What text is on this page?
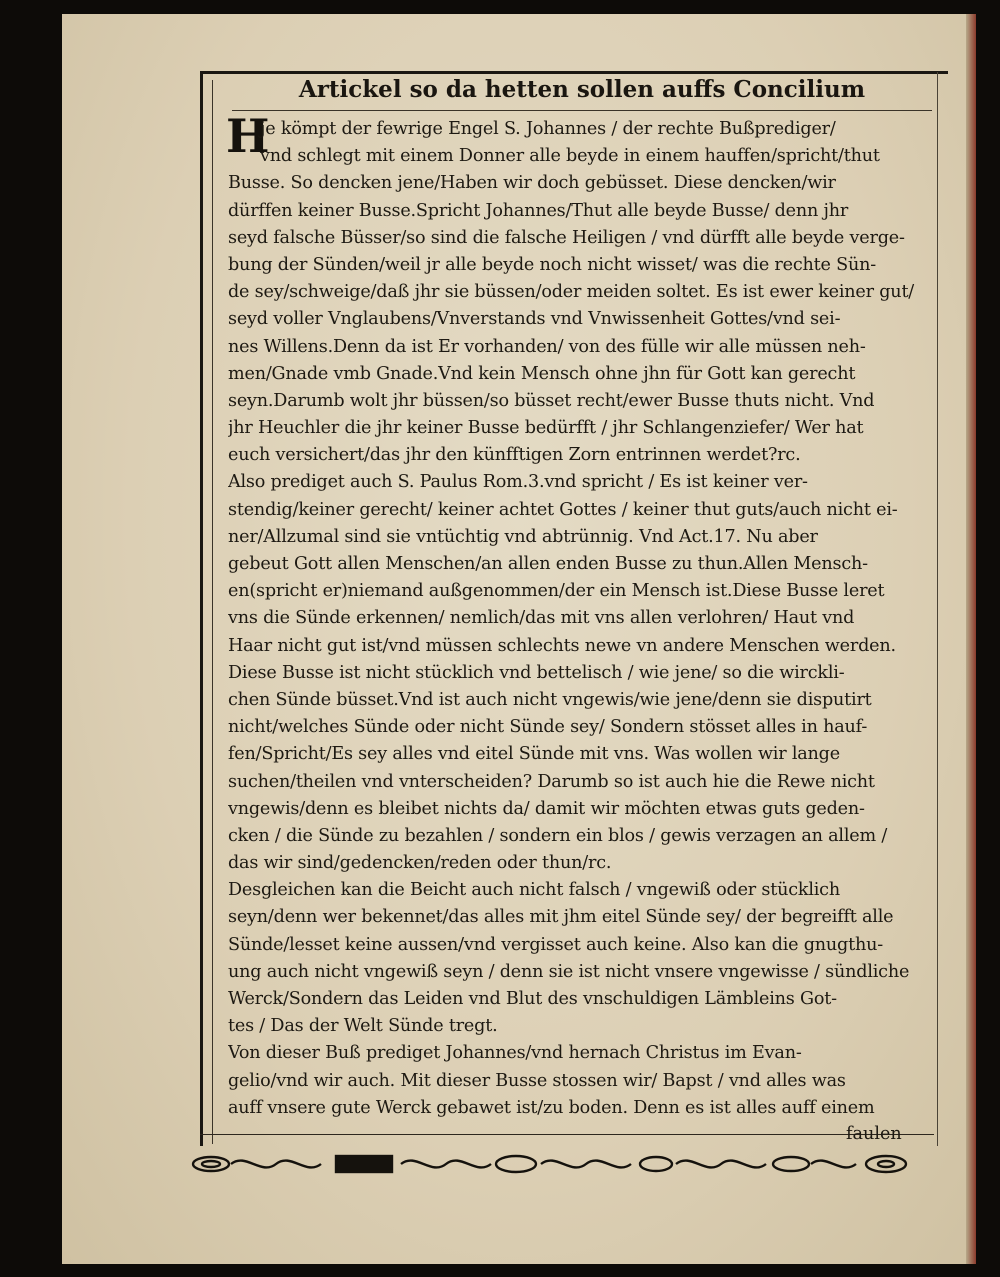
Artickel so da hetten sollen auffs Concilium
H
je kömpt der fewrige Engel S. Johannes / der rechte Bußprediger/
vnd schlegt mit einem Donner alle beyde in einem hauffen/spricht/thut
Busse. So dencken jene/Haben wir doch gebüsset. Diese dencken/wir
dürffen keiner Busse.Spricht Johannes/Thut alle beyde Busse/ denn jhr
seyd falsche Büsser/so sind die falsche Heiligen / vnd dürfft alle beyde verge-
bung der Sünden/weil jr alle beyde noch nicht wisset/ was die rechte Sün-
de sey/schweige/daß jhr sie büssen/oder meiden soltet. Es ist ewer keiner gut/
seyd voller Vnglaubens/Vnverstands vnd Vnwissenheit Gottes/vnd sei-
nes Willens.Denn da ist Er vorhanden/ von des fülle wir alle müssen neh-
men/Gnade vmb Gnade.Vnd kein Mensch ohne jhn für Gott kan gerecht
seyn.Darumb wolt jhr büssen/so büsset recht/ewer Busse thuts nicht. Vnd
jhr Heuchler die jhr keiner Busse bedürfft / jhr Schlangenziefer/ Wer hat
euch versichert/das jhr den künfftigen Zorn entrinnen werdet?rc.
Also prediget auch S. Paulus Rom.3.vnd spricht / Es ist keiner ver-
stendig/keiner gerecht/ keiner achtet Gottes / keiner thut guts/auch nicht ei-
ner/Allzumal sind sie vntüchtig vnd abtrünnig. Vnd Act.17. Nu aber
gebeut Gott allen Menschen/an allen enden Busse zu thun.Allen Mensch-
en(spricht er)niemand außgenommen/der ein Mensch ist.Diese Busse leret
vns die Sünde erkennen/ nemlich/das mit vns allen verlohren/ Haut vnd
Haar nicht gut ist/vnd müssen schlechts newe vn andere Menschen werden.
Diese Busse ist nicht stücklich vnd bettelisch / wie jene/ so die wirckli-
chen Sünde büsset.Vnd ist auch nicht vngewis/wie jene/denn sie disputirt
nicht/welches Sünde oder nicht Sünde sey/ Sondern stösset alles in hauf-
fen/Spricht/Es sey alles vnd eitel Sünde mit vns. Was wollen wir lange
suchen/theilen vnd vnterscheiden? Darumb so ist auch hie die Rewe nicht
vngewis/denn es bleibet nichts da/ damit wir möchten etwas guts geden-
cken / die Sünde zu bezahlen / sondern ein blos / gewis verzagen an allem /
das wir sind/gedencken/reden oder thun/rc.
Desgleichen kan die Beicht auch nicht falsch / vngewiß oder stücklich
seyn/denn wer bekennet/das alles mit jhm eitel Sünde sey/ der begreifft alle
Sünde/lesset keine aussen/vnd vergisset auch keine. Also kan die gnugthu-
ung auch nicht vngewiß seyn / denn sie ist nicht vnsere vngewisse / sündliche
Werck/Sondern das Leiden vnd Blut des vnschuldigen Lämbleins Got-
tes / Das der Welt Sünde tregt.
Von dieser Buß prediget Johannes/vnd hernach Christus im Evan-
gelio/vnd wir auch. Mit dieser Busse stossen wir/ Bapst / vnd alles was
auff vnsere gute Werck gebawet ist/zu boden. Denn es ist alles auff einem
faulen
